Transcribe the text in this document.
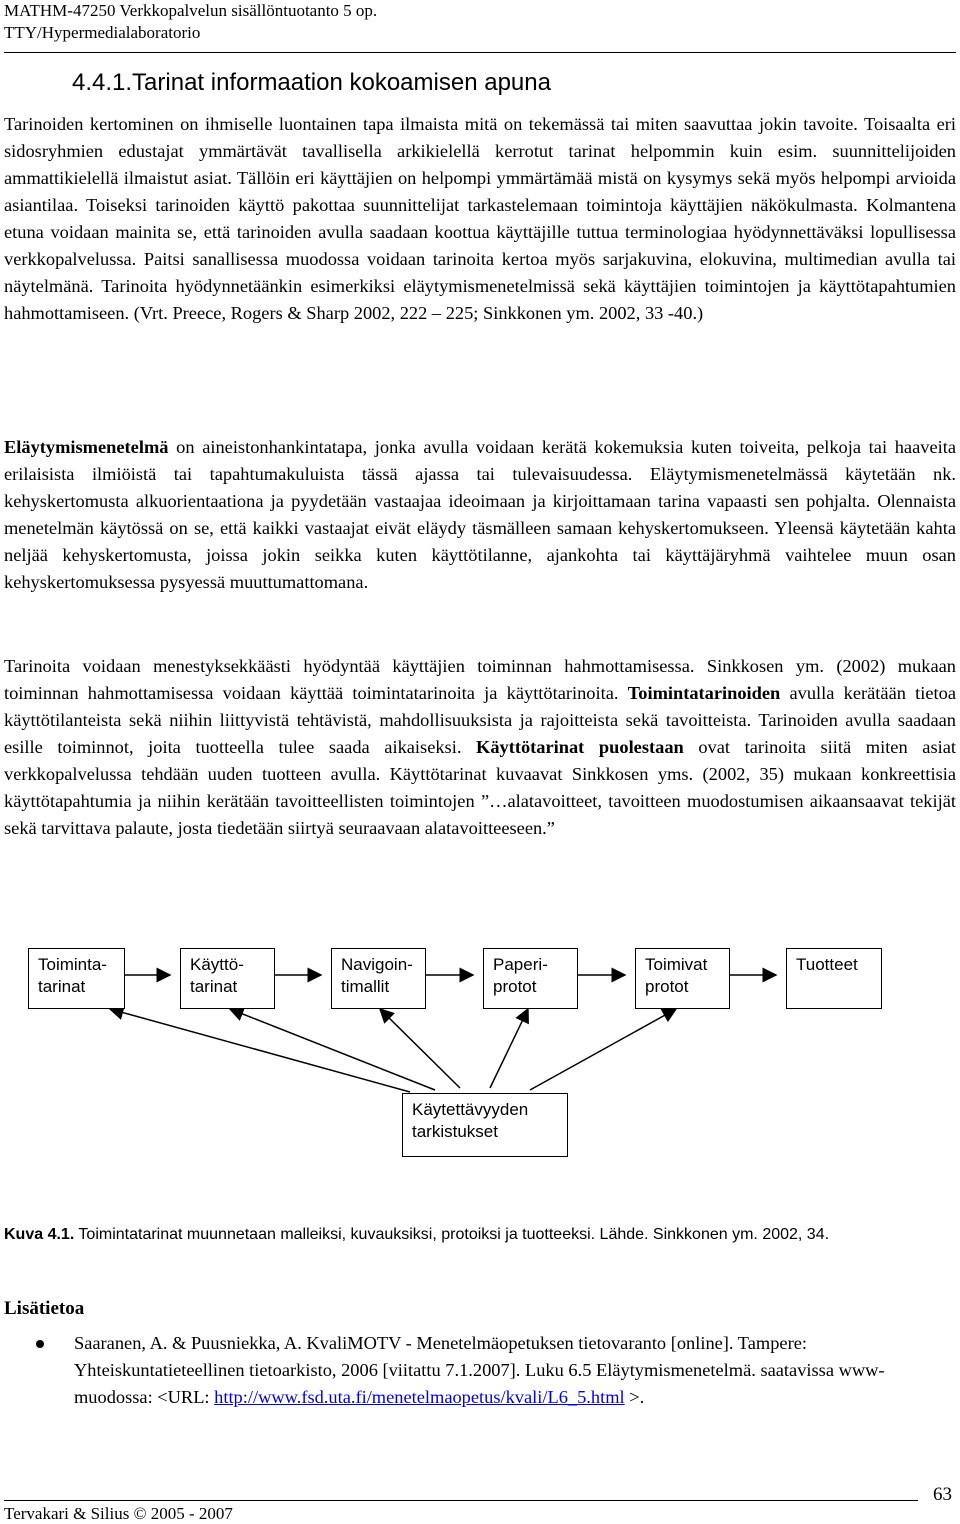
MATHM-47250 Verkkopalvelun sisällöntuotanto 5 op.
TTY/Hypermedialaboratorio
4.4.1.Tarinat informaation kokoamisen apuna

Tarinoiden kertominen on ihmiselle luontainen tapa ilmaista mitä on tekemässä tai miten saavuttaa jokin tavoite. Toisaalta eri sidosryhmien edustajat ymmärtävät tavallisella arkikielellä kerrotut tarinat helpommin kuin esim. suunnittelijoiden ammattikielellä ilmaistut asiat. Tällöin eri käyttäjien on helpompi ymmärtämää mistä on kysymys sekä myös helpompi arvioida asiantilaa. Toiseksi tarinoiden käyttö pakottaa suunnittelijat tarkastelemaan toimintoja käyttäjien näkökulmasta. Kolmantena etuna voidaan mainita se, että tarinoiden avulla saadaan koottua käyttäjille tuttua terminologiaa hyödynnettäväksi lopullisessa verkkopalvelussa. Paitsi sanallisessa muodossa voidaan tarinoita kertoa myös sarjakuvina, elokuvina, multimedian avulla tai näytelmänä. Tarinoita hyödynnetäänkin esimerkiksi eläytymismenetelmissä sekä käyttäjien toimintojen ja käyttötapahtumien hahmottamiseen. (Vrt. Preece, Rogers & Sharp 2002, 222 – 225; Sinkkonen ym. 2002, 33 -40.)

Eläytymismenetelmä on aineistonhankintatapa, jonka avulla voidaan kerätä kokemuksia kuten toiveita, pelkoja tai haaveita erilaisista ilmiöistä tai tapahtumakuluista tässä ajassa tai tulevaisuudessa. Eläytymismenetelmässä käytetään nk. kehyskertomusta alkuorientaationa ja pyydetään vastaajaa ideoimaan ja kirjoittamaan tarina vapaasti sen pohjalta. Olennaista menetelmän käytössä on se, että kaikki vastaajat eivät eläydy täsmälleen samaan kehyskertomukseen. Yleensä käytetään kahta neljää kehyskertomusta, joissa jokin seikka kuten käyttötilanne, ajankohta tai käyttäjäryhmä vaihtelee muun osan kehyskertomuksessa pysyessä muuttumattomana.

Tarinoita voidaan menestyksekkäästi hyödyntää käyttäjien toiminnan hahmottamisessa. Sinkkosen ym. (2002) mukaan toiminnan hahmottamisessa voidaan käyttää toimintatarinoita ja käyttötarinoita. Toimintatarinoiden avulla kerätään tietoa käyttötilanteista sekä niihin liittyvistä tehtävistä, mahdollisuuksista ja rajoitteista sekä tavoitteista. Tarinoiden avulla saadaan esille toiminnot, joita tuotteella tulee saada aikaiseksi. Käyttötarinat puolestaan ovat tarinoita siitä miten asiat verkkopalvelussa tehdään uuden tuotteen avulla. Käyttötarinat kuvaavat Sinkkosen yms. (2002, 35) mukaan konkreettisia käyttötapahtumia ja niihin kerätään tavoitteellisten toimintojen ”…alatavoitteet, tavoitteen muodostumisen aikaansaavat tekijät sekä tarvittava palaute, josta tiedetään siirtyä seuraavaan alatavoitteeseen.”

Toiminta-
tarinat
Käyttö-
tarinat
Navigoin-
timallit
Paperi-
protot
Toimivat
protot
Tuotteet
Käytettävyyden
tarkistukset
Kuva 4.1. Toimintatarinat muunnetaan malleiksi, kuvauksiksi, protoiksi ja tuotteeksi. Lähde. Sinkkonen ym. 2002, 34.
Lisätietoa
Saaranen, A. & Puusniekka, A. KvaliMOTV - Menetelmäopetuksen tietovaranto [online]. Tampere: Yhteiskuntatieteellinen tietoarkisto, 2006 [viitattu 7.1.2007]. Luku 6.5 Eläytymismenetelmä. saatavissa www-muodossa: <URL: http://www.fsd.uta.fi/menetelmaopetus/kvali/L6_5.html >.
63
Tervakari & Silius © 2005 - 2007
